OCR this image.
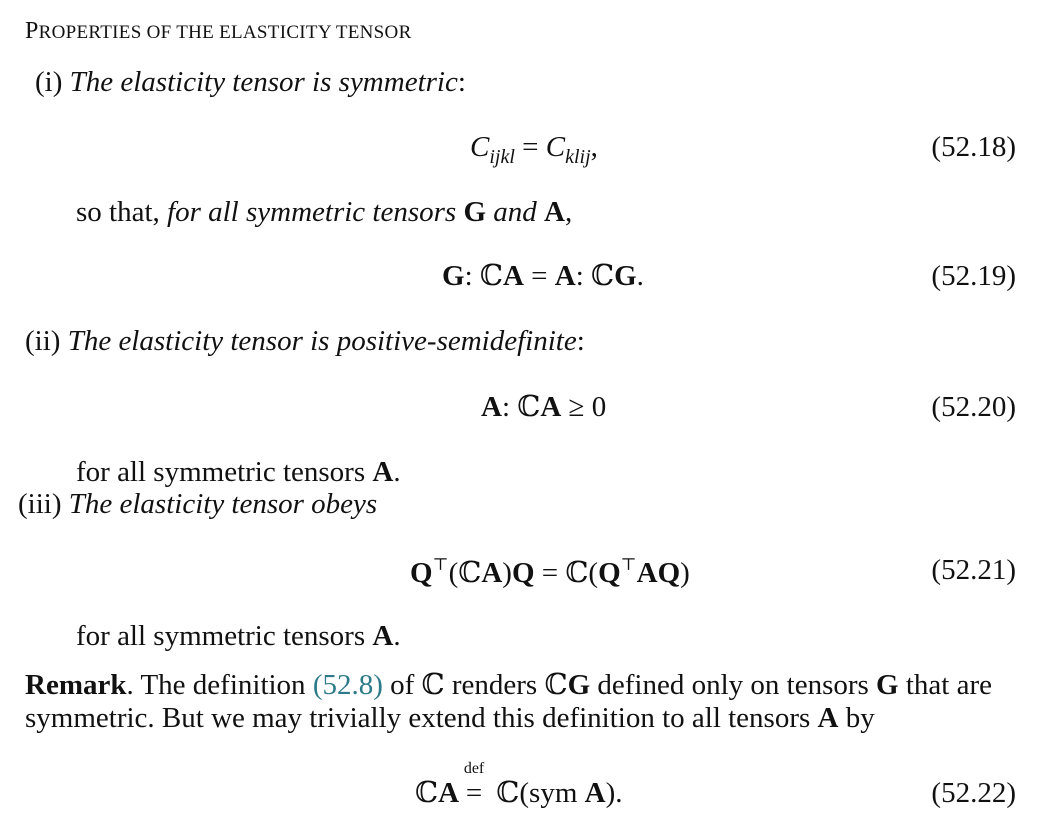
PROPERTIES OF THE ELASTICITY TENSOR
(i) The elasticity tensor is symmetric:
$C_{ijkl} = C_{klij}$,	(52.18)
so that, for all symmetric tensors G and A,
G: ℂA = A: ℂG.	(52.19)
(ii) The elasticity tensor is positive-semidefinite:
A: ℂA ≥ 0	(52.20)
for all symmetric tensors A.
(iii) The elasticity tensor obeys
Q⊤(ℂA)Q = ℂ(Q⊤AQ)	(52.21)
for all symmetric tensors A.
Remark. The definition (52.8) of ℂ renders ℂG defined only on tensors G that are
symmetric. But we may trivially extend this definition to all tensors A by
ℂA
def
= ℂ(sym A).	(52.22)
